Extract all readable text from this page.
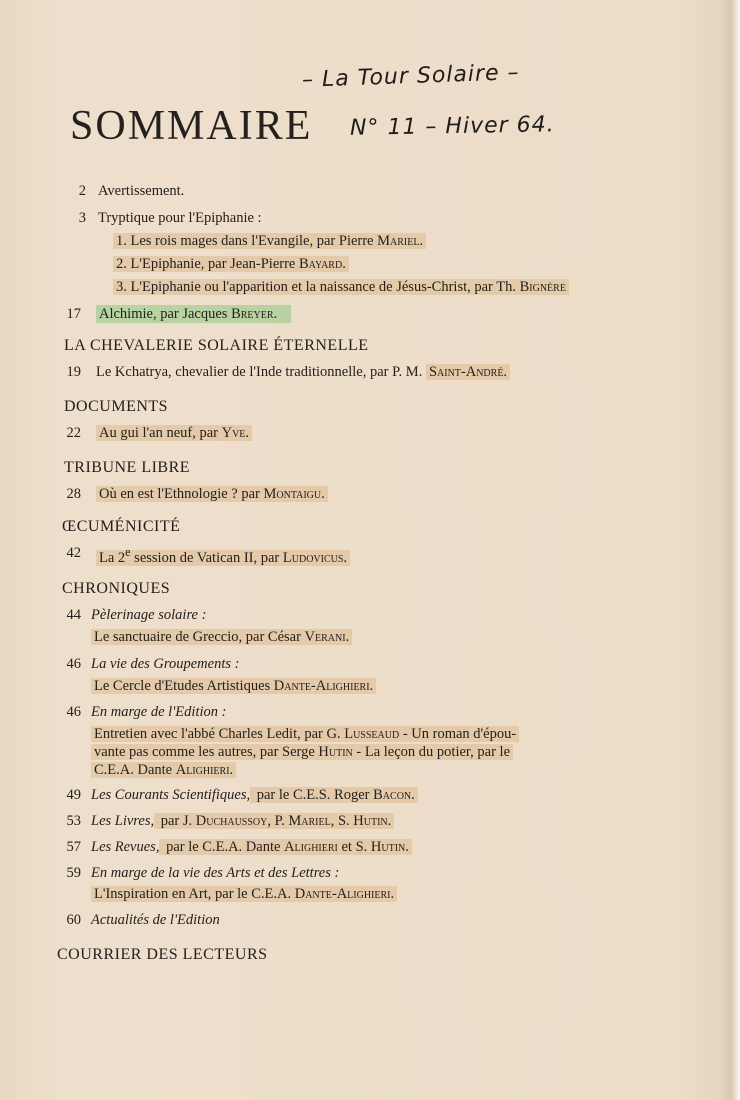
– La Tour Solaire –
N° 11 – Hiver 64.
SOMMAIRE
2 Avertissement.
3 Tryptique pour l'Epiphanie :
1. Les rois mages dans l'Evangile, par Pierre Mariel.
2. L'Epiphanie, par Jean-Pierre Bayard.
3. L'Epiphanie ou l'apparition et la naissance de Jésus-Christ, par Th. Bignère
17 Alchimie, par Jacques Breyer.
LA CHEVALERIE SOLAIRE ÉTERNELLE
19 Le Kchatrya, chevalier de l'Inde traditionnelle, par P. M. Saint-André.
DOCUMENTS
22 Au gui l'an neuf, par Yve.
TRIBUNE LIBRE
28 Où en est l'Ethnologie ? par Montaigu.
ŒCUMÉNICITÉ
42 La 2e session de Vatican II, par Ludovicus.
CHRONIQUES
44 Pèlerinage solaire :
Le sanctuaire de Greccio, par César Verani.
46 La vie des Groupements :
Le Cercle d'Etudes Artistiques Dante-Alighieri.
46 En marge de l'Edition :
Entretien avec l'abbé Charles Ledit, par G. Lusseaud - Un roman d'épou-
vante pas comme les autres, par Serge Hutin - La leçon du potier, par le
C.E.A. Dante Alighieri.
49 Les Courants Scientifiques, par le C.E.S. Roger Bacon.
53 Les Livres, par J. Duchaussoy, P. Mariel, S. Hutin.
57 Les Revues, par le C.E.A. Dante Alighieri et S. Hutin.
59 En marge de la vie des Arts et des Lettres :
L'Inspiration en Art, par le C.E.A. Dante-Alighieri.
60 Actualités de l'Edition
COURRIER DES LECTEURS
